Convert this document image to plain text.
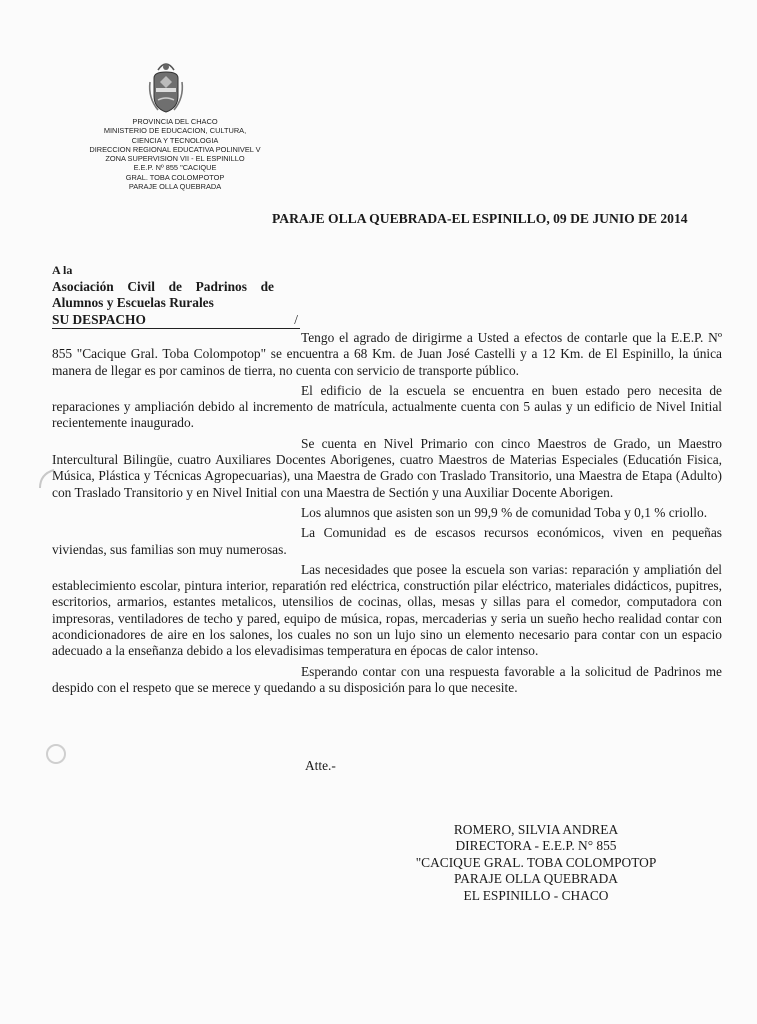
PROVINCIA DEL CHACO
MINISTERIO DE EDUCACION, CULTURA,
CIENCIA Y TECNOLOGIA
DIRECCION REGIONAL EDUCATIVA POLINIVEL V
ZONA SUPERVISION VII - EL ESPINILLO
E.E.P. Nº 855 "CACIQUE
GRAL. TOBA COLOMPOTOP
PARAJE OLLA QUEBRADA
PARAJE OLLA QUEBRADA-EL ESPINILLO, 09 DE JUNIO DE 2014
A la
Asociación Civil de Padrinos de
Alumnos y Escuelas Rurales
SU DESPACHO	/

Tengo el agrado de dirigirme a Usted a efectos de contarle que la E.E.P. Nº 855 "Cacique Gral. Toba Colompotop" se encuentra a 68 Km. de Juan José Castelli y a 12 Km. de El Espinillo, la única manera de llegar es por caminos de tierra, no cuenta con servicio de transporte público.

El edificio de la escuela se encuentra en buen estado pero necesita de reparaciones y ampliación debido al incremento de matrícula, actualmente cuenta con 5 aulas y un edificio de Nivel Initial recientemente inaugurado.

Se cuenta en Nivel Primario con cinco Maestros de Grado, un Maestro Intercultural Bilingüe, cuatro Auxiliares Docentes Aborigenes, cuatro Maestros de Materias Especiales (Educatión Fisica, Música, Plástica y Técnicas Agropecuarias), una Maestra de Grado con Traslado Transitorio, una Maestra de Etapa (Adulto) con Traslado Transitorio y en Nivel Initial con una Maestra de Sectión y una Auxiliar Docente Aborigen.

Los alumnos que asisten son un 99,9 % de comunidad Toba y 0,1 % criollo.

La Comunidad es de escasos recursos económicos, viven en pequeñas viviendas, sus familias son muy numerosas.

Las necesidades que posee la escuela son varias: reparación y ampliatión del establecimiento escolar, pintura interior, reparatión red eléctrica, constructión pilar eléctrico, materiales didácticos, pupitres, escritorios, armarios, estantes metalicos, utensilios de cocinas, ollas, mesas y sillas para el comedor, computadora con impresoras, ventiladores de techo y pared, equipo de música, ropas, mercaderias y seria un sueño hecho realidad contar con acondicionadores de aire en los salones, los cuales no son un lujo sino un elemento necesario para contar con un espacio adecuado a la enseñanza debido a los elevadisimas temperatura en épocas de calor intenso.

Esperando contar con una respuesta favorable a la solicitud de Padrinos me despido con el respeto que se merece y quedando a su disposición para lo que necesite.

Atte.-
ROMERO, SILVIA ANDREA
DIRECTORA - E.E.P. N° 855
"CACIQUE GRAL. TOBA COLOMPOTOP
PARAJE OLLA QUEBRADA
EL ESPINILLO - CHACO
